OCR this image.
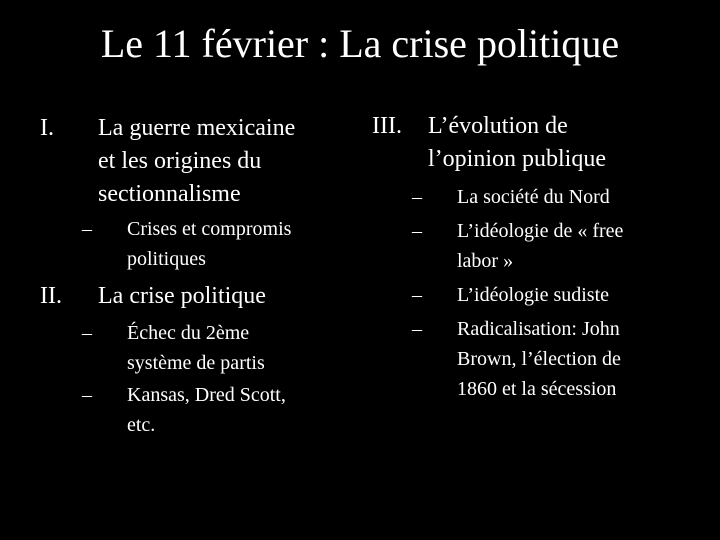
Le 11 février : La crise politique
I. La guerre mexicaine
et les origines du
sectionnalisme
– Crises et compromis
politiques
II. La crise politique
– Échec du 2ème
système de partis
– Kansas, Dred Scott,
etc.
III. L’évolution de
l’opinion publique
– La société du Nord
– L’idéologie de « free
labor »
– L’idéologie sudiste
– Radicalisation: John
Brown, l’élection de
1860 et la sécession
